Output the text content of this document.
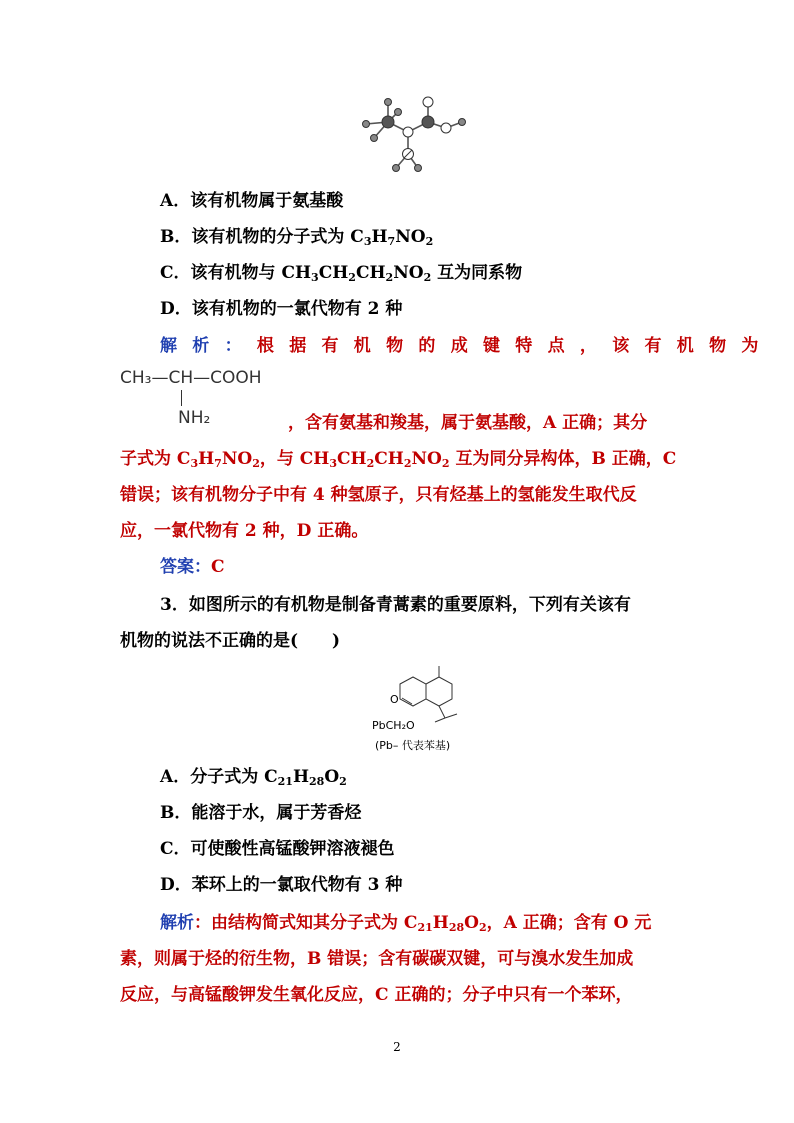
A．该有机物属于氨基酸
B．该有机物的分子式为 $C_3H_7NO_2$
C．该有机物与 $CH_3CH_2CH_2NO_2$ 互为同系物
D．该有机物的一氯代物有 2 种
解析：根据有机物的成键特点，该有机物为
CH₃—CH—COOH
NH₂	，含有氨基和羧基，属于氨基酸，A 正确；其分
子式为 $C_3H_7NO_2$，与 $CH_3CH_2CH_2NO_2$ 互为同分异构体，B 正确，C
错误；该有机物分子中有 4 种氢原子，只有烃基上的氢能发生取代反
应，一氯代物有 2 种，D 正确。
答案：C
3．如图所示的有机物是制备青蒿素的重要原料，下列有关该有
机物的说法不正确的是(　　)
O
PbCH₂O
(Pb– 代表苯基)
A．分子式为 $C_{21}H_{28}O_2$
B．能溶于水，属于芳香烃
C．可使酸性高锰酸钾溶液褪色
D．苯环上的一氯取代物有 3 种
解析：由结构简式知其分子式为 $C_{21}H_{28}O_2$，A 正确；含有 O 元
素，则属于烃的衍生物，B 错误；含有碳碳双键，可与溴水发生加成
反应，与高锰酸钾发生氧化反应，C 正确的；分子中只有一个苯环，
2
